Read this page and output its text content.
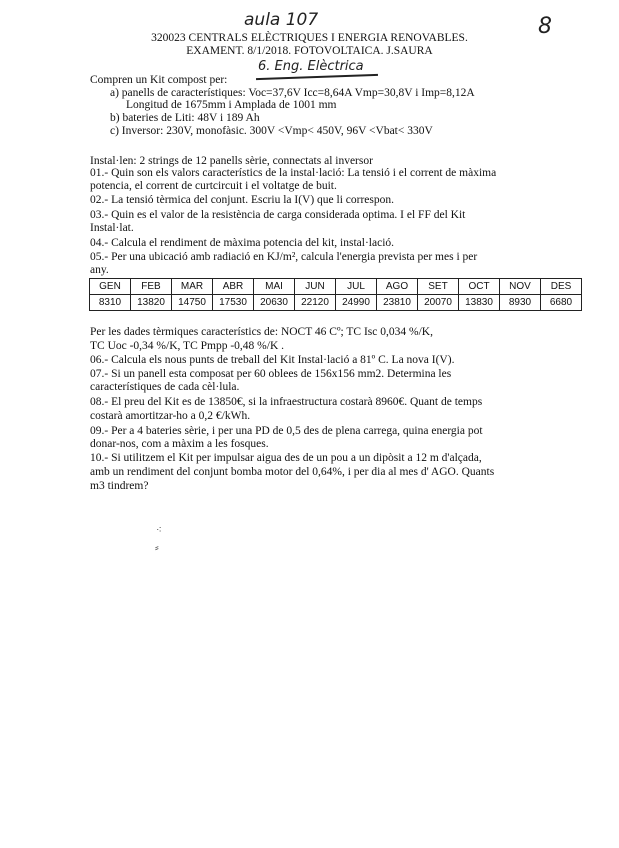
aula 107	8
320023 CENTRALS ELÈCTRIQUES I ENERGIA RENOVABLES.
EXAMENT. 8/1/2018. FOTOVOLTAICA. J.SAURA
6. Eng. Elèctrica
Compren un Kit compost per:
a) panells de característiques: Voc=37,6V Icc=8,64A Vmp=30,8V i Imp=8,12A
Longitud de 1675mm i Amplada de 1001 mm
b) bateries de Liti: 48V i 189 Ah
c) Inversor: 230V, monofàsic. 300V <Vmp< 450V, 96V <Vbat< 330V
Instal·len: 2 strings de 12 panells sèrie, connectats al inversor
01.- Quin son els valors característics de la instal·lació: La tensió i el corrent de màxima
potencia, el corrent de curtcircuit i el voltatge de buit.
02.- La tensió tèrmica del conjunt. Escriu la I(V) que li correspon.
03.- Quin es el valor de la resistència de carga considerada optima. I el FF del Kit
Instal·lat.
04.- Calcula el rendiment de màxima potencia del kit, instal·lació.
05.- Per una ubicació amb radiació en KJ/m², calcula l'energia prevista per mes i per
any.
GEN	FEB	MAR	ABR	MAI	JUN	JUL	AGO	SET	OCT	NOV	DES
8310	13820	14750	17530	20630	22120	24990	23810	20070	13830	8930	6680
Per les dades tèrmiques característics de: NOCT 46 Cº; TC Isc 0,034 %/K,
TC Uoc -0,34 %/K, TC Pmpp -0,48 %/K .
06.- Calcula els nous punts de treball del Kit Instal·lació a 81º C. La nova I(V).
07.- Si un panell esta composat per 60 oblees de 156x156 mm2. Determina les
característiques de cada cèl·lula.
08.- El preu del Kit es de 13850€, si la infraestructura costarà 8960€. Quant de temps
costarà amortitzar-ho a 0,2 €/kWh.
09.- Per a 4 bateries sèrie, i per una PD de 0,5 des de plena carrega, quina energia pot
donar-nos, com a màxim a les fosques.
10.- Si utilitzem el Kit per impulsar aigua des de un pou a un dipòsit a 12 m d'alçada,
amb un rendiment del conjunt bomba motor del 0,64%, i per dia al mes d' AGO. Quants
m3 tindrem?
⁖
⸗
